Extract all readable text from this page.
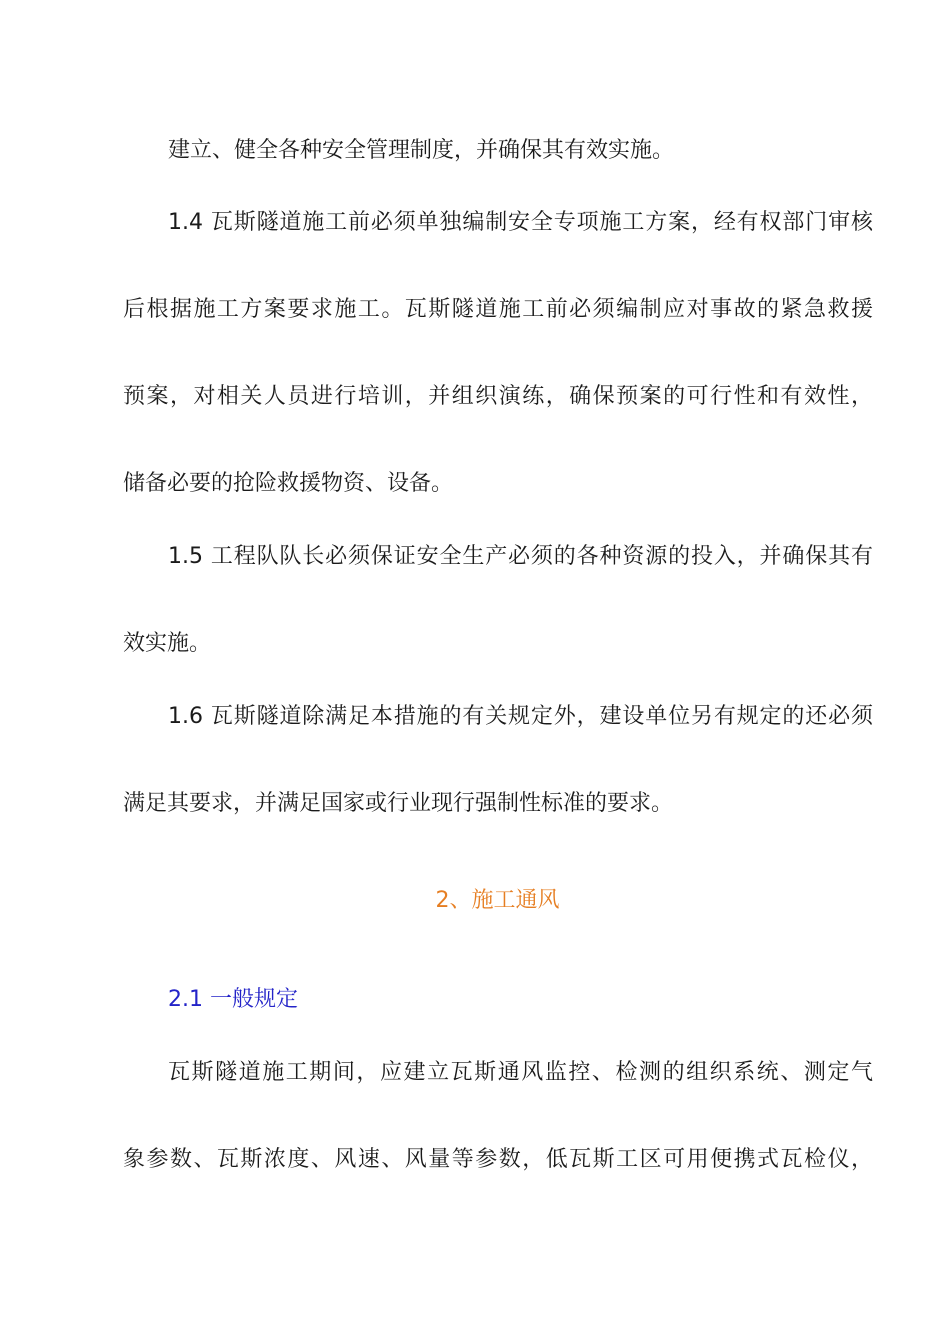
建立、健全各种安全管理制度，并确保其有效实施。
1.4 瓦斯隧道施工前必须单独编制安全专项施工方案，经有权部门审核
后根据施工方案要求施工。瓦斯隧道施工前必须编制应对事故的紧急救援
预案，对相关人员进行培训，并组织演练，确保预案的可行性和有效性，
储备必要的抢险救援物资、设备。
1.5 工程队队长必须保证安全生产必须的各种资源的投入，并确保其有
效实施。
1.6 瓦斯隧道除满足本措施的有关规定外，建设单位另有规定的还必须
满足其要求，并满足国家或行业现行强制性标准的要求。
2、施工通风
2.1 一般规定
瓦斯隧道施工期间，应建立瓦斯通风监控、检测的组织系统、测定气
象参数、瓦斯浓度、风速、风量等参数，低瓦斯工区可用便携式瓦检仪，
